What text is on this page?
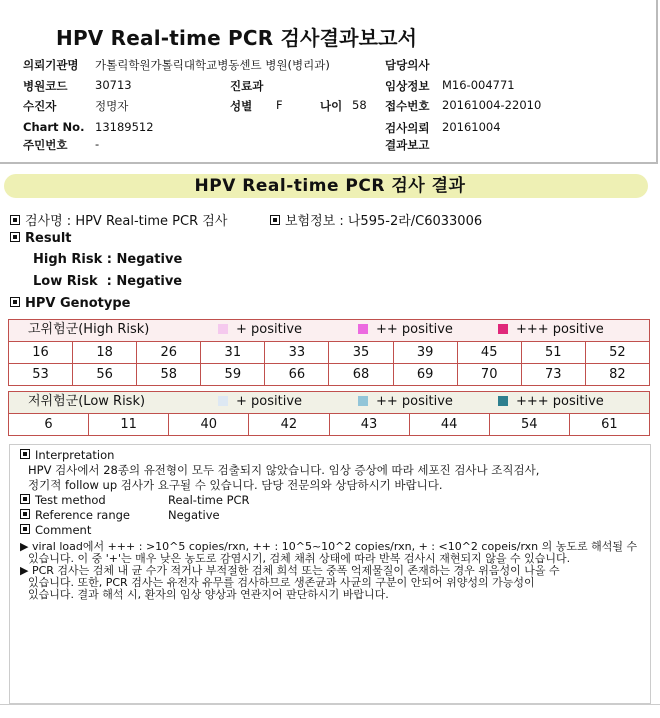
HPV Real-time PCR 검사결과보고서
의뢰기관명 가톨릭학원가톨릭대학교병동센트 병원(병리과)
병원코드 30713
수진자	정명자
Chart No. 13189512
주민번호 -
진료과
성별 F	나이 58
담당의사
임상정보 M16-004771
접수번호 20161004-22010
검사의뢰 20161004
결과보고
HPV Real-time PCR 검사 결과
검사명 : HPV Real-time PCR 검사	보험정보 : 나595-2라/C6033006
Result
High Risk : Negative
Low Risk  : Negative
HPV Genotype
고위험군(High Risk)	+ positive	++ positive	+++ positive
16	18	26	31	33	35	39	45	51	52
53	56	58	59	66	68	69	70	73	82
저위험군(Low Risk)	+ positive	++ positive	+++ positive
6	11	40	42	43	44	54	61
Interpretation
HPV 검사에서 28종의 유전형이 모두 검출되지 않았습니다. 임상 증상에 따라 세포진 검사나 조직검사,
정기적 follow up 검사가 요구될 수 있습니다. 담당 전문의와 상담하시기 바랍니다.
Test method	Real-time PCR
Reference range	Negative
Comment
▶ viral load에서 +++ : >10^5 copies/rxn, ++ : 10^5~10^2 copies/rxn, + : <10^2 copeis/rxn 의 농도로 해석될 수
있습니다. 이 중 '+'는 매우 낮은 농도로 감염시기, 검체 채취 상태에 따라 반복 검사시 재현되지 않을 수 있습니다.
▶ PCR 검사는 검체 내 균 수가 적거나 부적절한 검체 희석 또는 중폭 억제물질이 존재하는 경우 위음성이 나올 수
있습니다. 또한, PCR 검사는 유전자 유무를 검사하므로 생존균과 사균의 구분이 안되어 위양성의 가능성이
있습니다. 결과 해석 시, 환자의 임상 양상과 연관지어 판단하시기 바랍니다.
